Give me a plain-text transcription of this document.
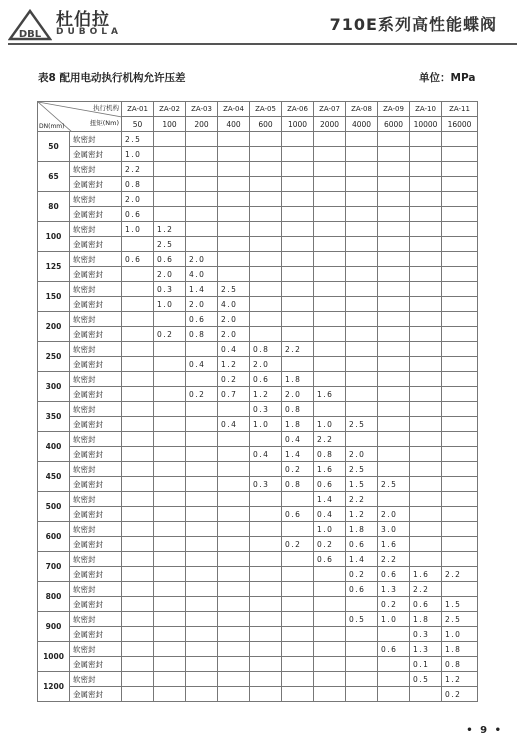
DBL
杜伯拉
DUBOLA	710E系列高性能蝶阀
表8 配用电动执行机构允许压差	单位：MPa
执行机构
扭矩(Nm)
DN(mm)		ZA-01	ZA-02	ZA-03	ZA-04	ZA-05	ZA-06	ZA-07	ZA-08	ZA-09	ZA-10	ZA-11
		50	100	200	400	600	1000	2000	4000	6000	10000	16000
50	软密封	2.5										
	金属密封	1.0										
65	软密封	2.2										
	金属密封	0.8										
80	软密封	2.0										
	金属密封	0.6										
100	软密封	1.0	1.2									
	金属密封		2.5									
125	软密封	0.6	0.6	2.0								
	金属密封		2.0	4.0								
150	软密封		0.3	1.4	2.5							
	金属密封		1.0	2.0	4.0							
200	软密封			0.6	2.0							
	金属密封		0.2	0.8	2.0							
250	软密封				0.4	0.8	2.2					
	金属密封			0.4	1.2	2.0						
300	软密封				0.2	0.6	1.8					
	金属密封			0.2	0.7	1.2	2.0	1.6				
350	软密封					0.3	0.8					
	金属密封				0.4	1.0	1.8	1.0	2.5			
400	软密封						0.4	2.2				
	金属密封					0.4	1.4	0.8	2.0			
450	软密封						0.2	1.6	2.5			
	金属密封					0.3	0.8	0.6	1.5	2.5		
500	软密封							1.4	2.2			
	金属密封						0.6	0.4	1.2	2.0		
600	软密封							1.0	1.8	3.0		
	金属密封						0.2	0.2	0.6	1.6		
700	软密封							0.6	1.4	2.2		
	金属密封								0.2	0.6	1.6	2.2
800	软密封								0.6	1.3	2.2	
	金属密封									0.2	0.6	1.5
900	软密封								0.5	1.0	1.8	2.5
	金属密封										0.3	1.0
1000	软密封									0.6	1.3	1.8
	金属密封										0.1	0.8
1200	软密封										0.5	1.2
	金属密封											0.2
• 9 •
